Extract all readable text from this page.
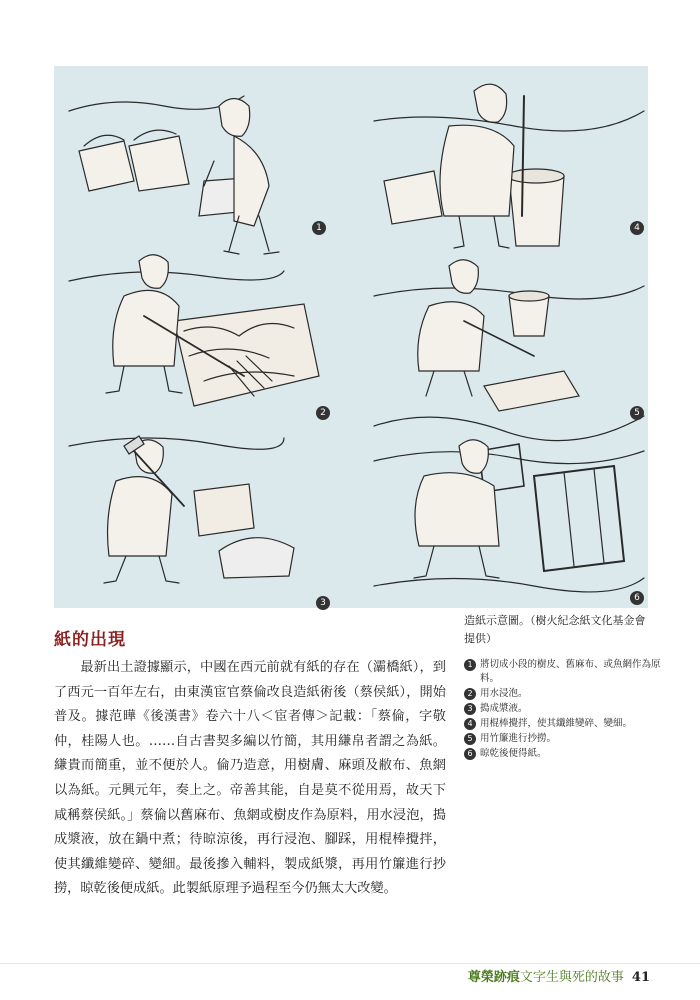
1
2
3
4
5
6
造紙示意圖。（樹火紀念紙文化基金會提供）
1 將切成小段的樹皮、舊麻布、或魚網作為原料。
2 用水浸泡。
3 搗成漿液。
4 用棍棒攪拌，使其纖維變碎、變細。
5 用竹簾進行抄撈。
6 晾乾後便得紙。
紙的出現

最新出土證據顯示，中國在西元前就有紙的存在（灞橋紙），到了西元一百年左右，由東漢宦官蔡倫改良造紙術後（蔡侯紙），開始普及。據范曄《後漢書》卷六十八＜宦者傳＞記載：「蔡倫，字敬仲，桂陽人也。……自古書契多編以竹簡，其用縑帛者謂之為紙。縑貴而簡重，並不便於人。倫乃造意，用樹膚、麻頭及敝布、魚網以為紙。元興元年，奏上之。帝善其能，自是莫不從用焉，故天下咸稱蔡侯紙。」蔡倫以舊麻布、魚網或樹皮作為原料，用水浸泡，搗成漿液，放在鍋中煮；待晾涼後，再行浸泡、腳踩，用棍棒攪拌，使其纖維變碎、變細。最後摻入輔料，製成紙漿，再用竹簾進行抄撈，晾乾後便成紙。此製紙原理予過程至今仍無太大改變。

尊榮跡痕文字生與死的故事 41
